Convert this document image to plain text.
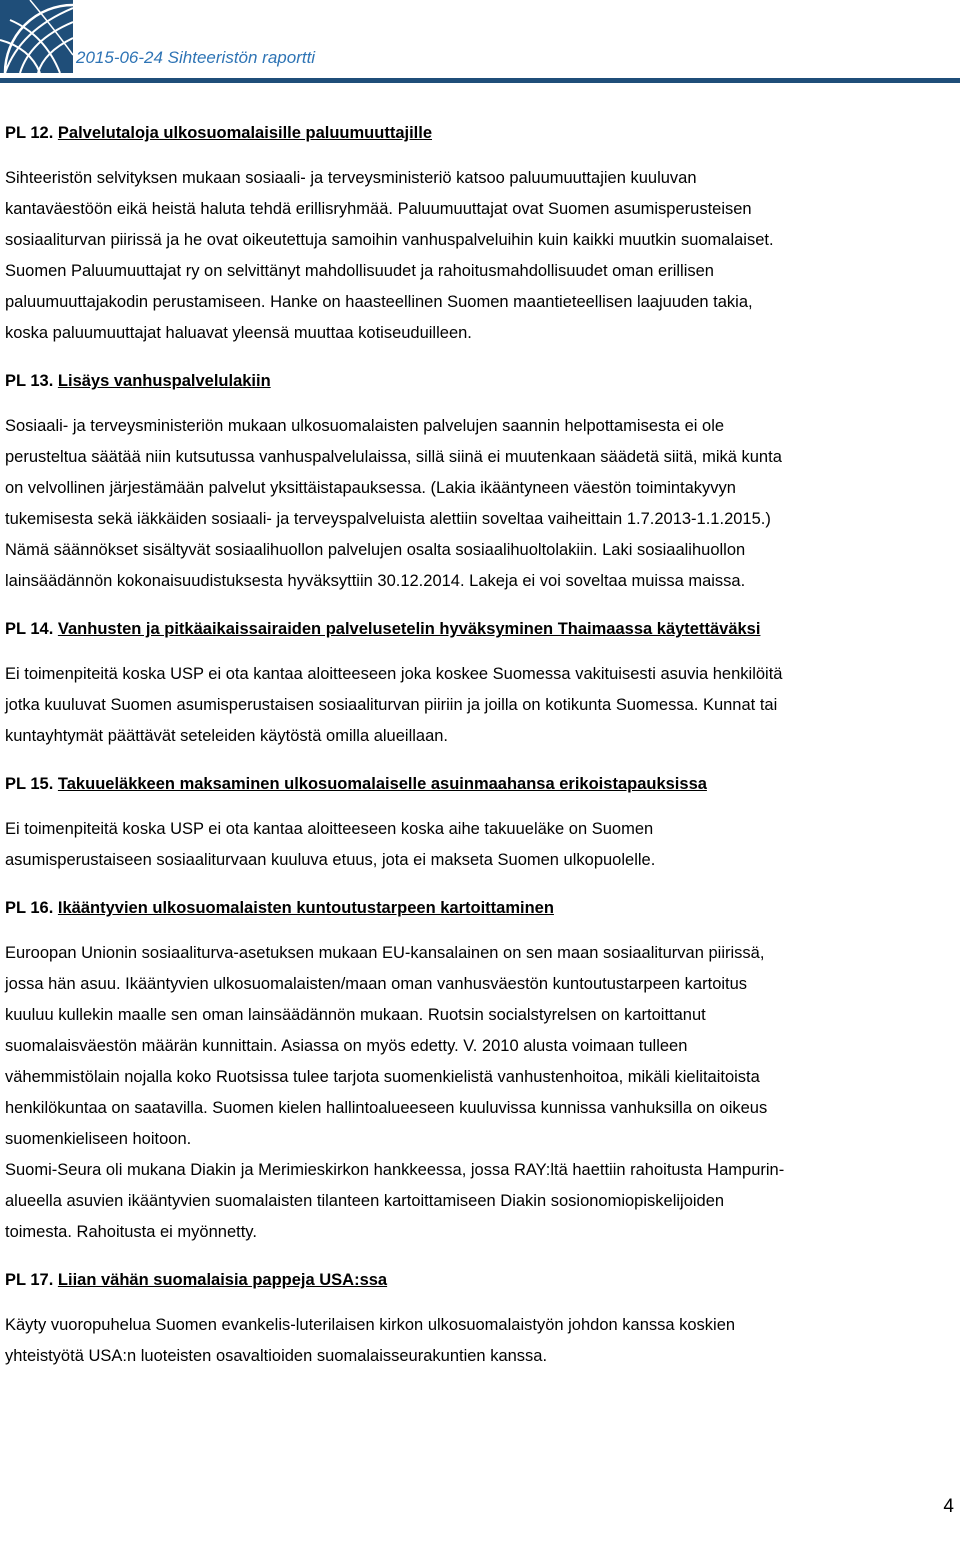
2015-06-24 Sihteeristön raportti
PL 12. Palvelutaloja ulkosuomalaisille paluumuuttajille
Sihteeristön selvityksen mukaan sosiaali- ja terveysministeriö katsoo paluumuuttajien kuuluvan
kantaväestöön eikä heistä haluta tehdä erillisryhmää. Paluumuuttajat ovat Suomen asumisperusteisen
sosiaaliturvan piirissä ja he ovat oikeutettuja samoihin vanhuspalveluihin kuin kaikki muutkin suomalaiset.
Suomen Paluumuuttajat ry on selvittänyt mahdollisuudet ja rahoitusmahdollisuudet oman erillisen
paluumuuttajakodin perustamiseen. Hanke on haasteellinen Suomen maantieteellisen laajuuden takia,
koska paluumuuttajat haluavat yleensä muuttaa kotiseuduilleen.
PL 13. Lisäys vanhuspalvelulakiin
Sosiaali- ja terveysministeriön mukaan ulkosuomalaisten palvelujen saannin helpottamisesta ei ole
perusteltua säätää niin kutsutussa vanhuspalvelulaissa, sillä siinä ei muutenkaan säädetä siitä, mikä kunta
on velvollinen järjestämään palvelut yksittäistapauksessa. (Lakia ikääntyneen väestön toimintakyvyn
tukemisesta sekä iäkkäiden sosiaali- ja terveyspalveluista alettiin soveltaa vaiheittain 1.7.2013-1.1.2015.)
Nämä säännökset sisältyvät sosiaalihuollon palvelujen osalta sosiaalihuoltolakiin. Laki sosiaalihuollon
lainsäädännön kokonaisuudistuksesta hyväksyttiin 30.12.2014. Lakeja ei voi soveltaa muissa maissa.
PL 14. Vanhusten ja pitkäaikaissairaiden palvelusetelin hyväksyminen Thaimaassa käytettäväksi
Ei toimenpiteitä koska USP ei ota kantaa aloitteeseen joka koskee Suomessa vakituisesti asuvia henkilöitä
jotka kuuluvat Suomen asumisperustaisen sosiaaliturvan piiriin ja joilla on kotikunta Suomessa. Kunnat tai
kuntayhtymät päättävät seteleiden käytöstä omilla alueillaan.
PL 15. Takuueläkkeen maksaminen ulkosuomalaiselle asuinmaahansa erikoistapauksissa
Ei toimenpiteitä koska USP ei ota kantaa aloitteeseen koska aihe takuueläke on Suomen
asumisperustaiseen sosiaaliturvaan kuuluva etuus, jota ei makseta Suomen ulkopuolelle.
PL 16. Ikääntyvien ulkosuomalaisten kuntoutustarpeen kartoittaminen
Euroopan Unionin sosiaaliturva-asetuksen mukaan EU-kansalainen on sen maan sosiaaliturvan piirissä,
jossa hän asuu. Ikääntyvien ulkosuomalaisten/maan oman vanhusväestön kuntoutustarpeen kartoitus
kuuluu kullekin maalle sen oman lainsäädännön mukaan. Ruotsin socialstyrelsen on kartoittanut
suomalaisväestön määrän kunnittain. Asiassa on myös edetty. V. 2010 alusta voimaan tulleen
vähemmistölain nojalla koko Ruotsissa tulee tarjota suomenkielistä vanhustenhoitoa, mikäli kielitaitoista
henkilökuntaa on saatavilla. Suomen kielen hallintoalueeseen kuuluvissa kunnissa vanhuksilla on oikeus
suomenkieliseen hoitoon.
Suomi-Seura oli mukana Diakin ja Merimieskirkon hankkeessa, jossa RAY:ltä haettiin rahoitusta Hampurin-
alueella asuvien ikääntyvien suomalaisten tilanteen kartoittamiseen Diakin sosionomiopiskelijoiden
toimesta. Rahoitusta ei myönnetty.
PL 17. Liian vähän suomalaisia pappeja USA:ssa
Käyty vuoropuhelua Suomen evankelis-luterilaisen kirkon ulkosuomalaistyön johdon kanssa koskien
yhteistyötä USA:n luoteisten osavaltioiden suomalaisseurakuntien kanssa.
4
